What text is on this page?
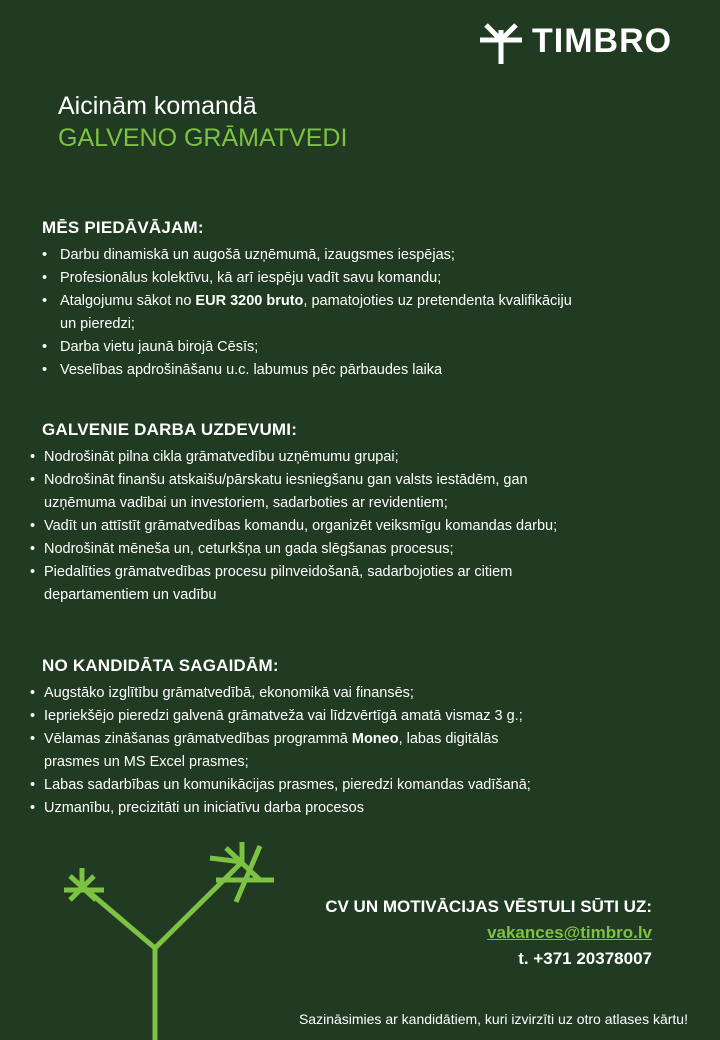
TIMBRO
Aicinām komandā
GALVENO GRĀMATVEDI
MĒS PIEDĀVĀJAM:
• Darbu dinamiskā un augošā uzņēmumā, izaugsmes iespējas;
• Profesionālus kolektīvu, kā arī iespēju vadīt savu komandu;
• Atalgojumu sākot no EUR 3200 bruto, pamatojoties uz pretendenta kvalifikāciju
un pieredzi;
• Darba vietu jaunā birojā Cēsīs;
• Veselības apdrošināšanu u.c. labumus pēc pārbaudes laika
GALVENIE DARBA UZDEVUMI:
• Nodrošināt pilna cikla grāmatvedību uzņēmumu grupai;
• Nodrošināt finanšu atskaišu/pārskatu iesniegšanu gan valsts iestādēm, gan
uzņēmuma vadībai un investoriem, sadarboties ar revidentiem;
• Vadīt un attīstīt grāmatvedības komandu, organizēt veiksmīgu komandas darbu;
• Nodrošināt mēneša un, ceturkšņa un gada slēgšanas procesus;
• Piedalīties grāmatvedības procesu pilnveidošanā, sadarbojoties ar citiem
departamentiem un vadību
NO KANDIDĀTA SAGAIDĀM:
• Augstāko izglītību grāmatvedībā, ekonomikā vai finansēs;
• Iepriekšējo pieredzi galvenā grāmatveža vai līdzvērtīgā amatā vismaz 3 g.;
• Vēlamas zināšanas grāmatvedības programmā Moneo, labas digitālās
prasmes un MS Excel prasmes;
• Labas sadarbības un komunikācijas prasmes, pieredzi komandas vadīšanā;
• Uzmanību, precizitāti un iniciatīvu darba procesos
CV UN MOTIVĀCIJAS VĒSTULI SŪTI UZ:
vakances@timbro.lv
t. +371 20378007
Sazināsimies ar kandidātiem, kuri izvirzīti uz otro atlases kārtu!
